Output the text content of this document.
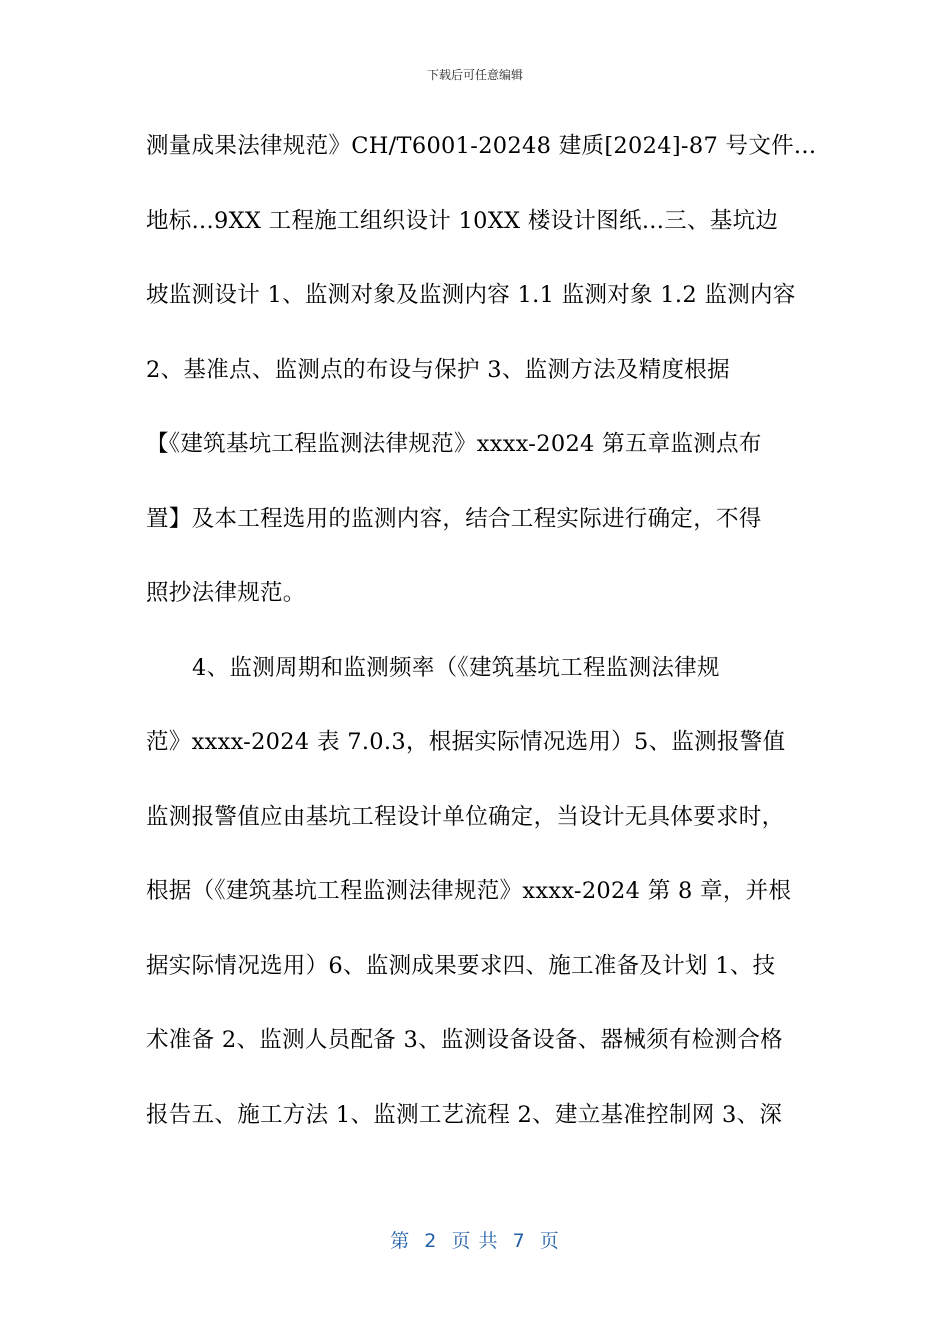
下载后可任意编辑
测量成果法律规范》CH/T6001-20248 建质[2024]-87 号文件...
地标...9XX 工程施工组织设计 10XX 楼设计图纸...三、基坑边
坡监测设计 1、监测对象及监测内容 1.1 监测对象 1.2 监测内容
2、基准点、监测点的布设与保护 3、监测方法及精度根据
【《建筑基坑工程监测法律规范》xxxx-2024 第五章监测点布
置】及本工程选用的监测内容，结合工程实际进行确定，不得
照抄法律规范。
4、监测周期和监测频率（《建筑基坑工程监测法律规
范》xxxx-2024 表 7.0.3，根据实际情况选用）5、监测报警值
监测报警值应由基坑工程设计单位确定，当设计无具体要求时，
根据（《建筑基坑工程监测法律规范》xxxx-2024 第 8 章，并根
据实际情况选用）6、监测成果要求四、施工准备及计划 1、技
术准备 2、监测人员配备 3、监测设备设备、器械须有检测合格
报告五、施工方法 1、监测工艺流程 2、建立基准控制网 3、深
第  2  页 共  7  页
